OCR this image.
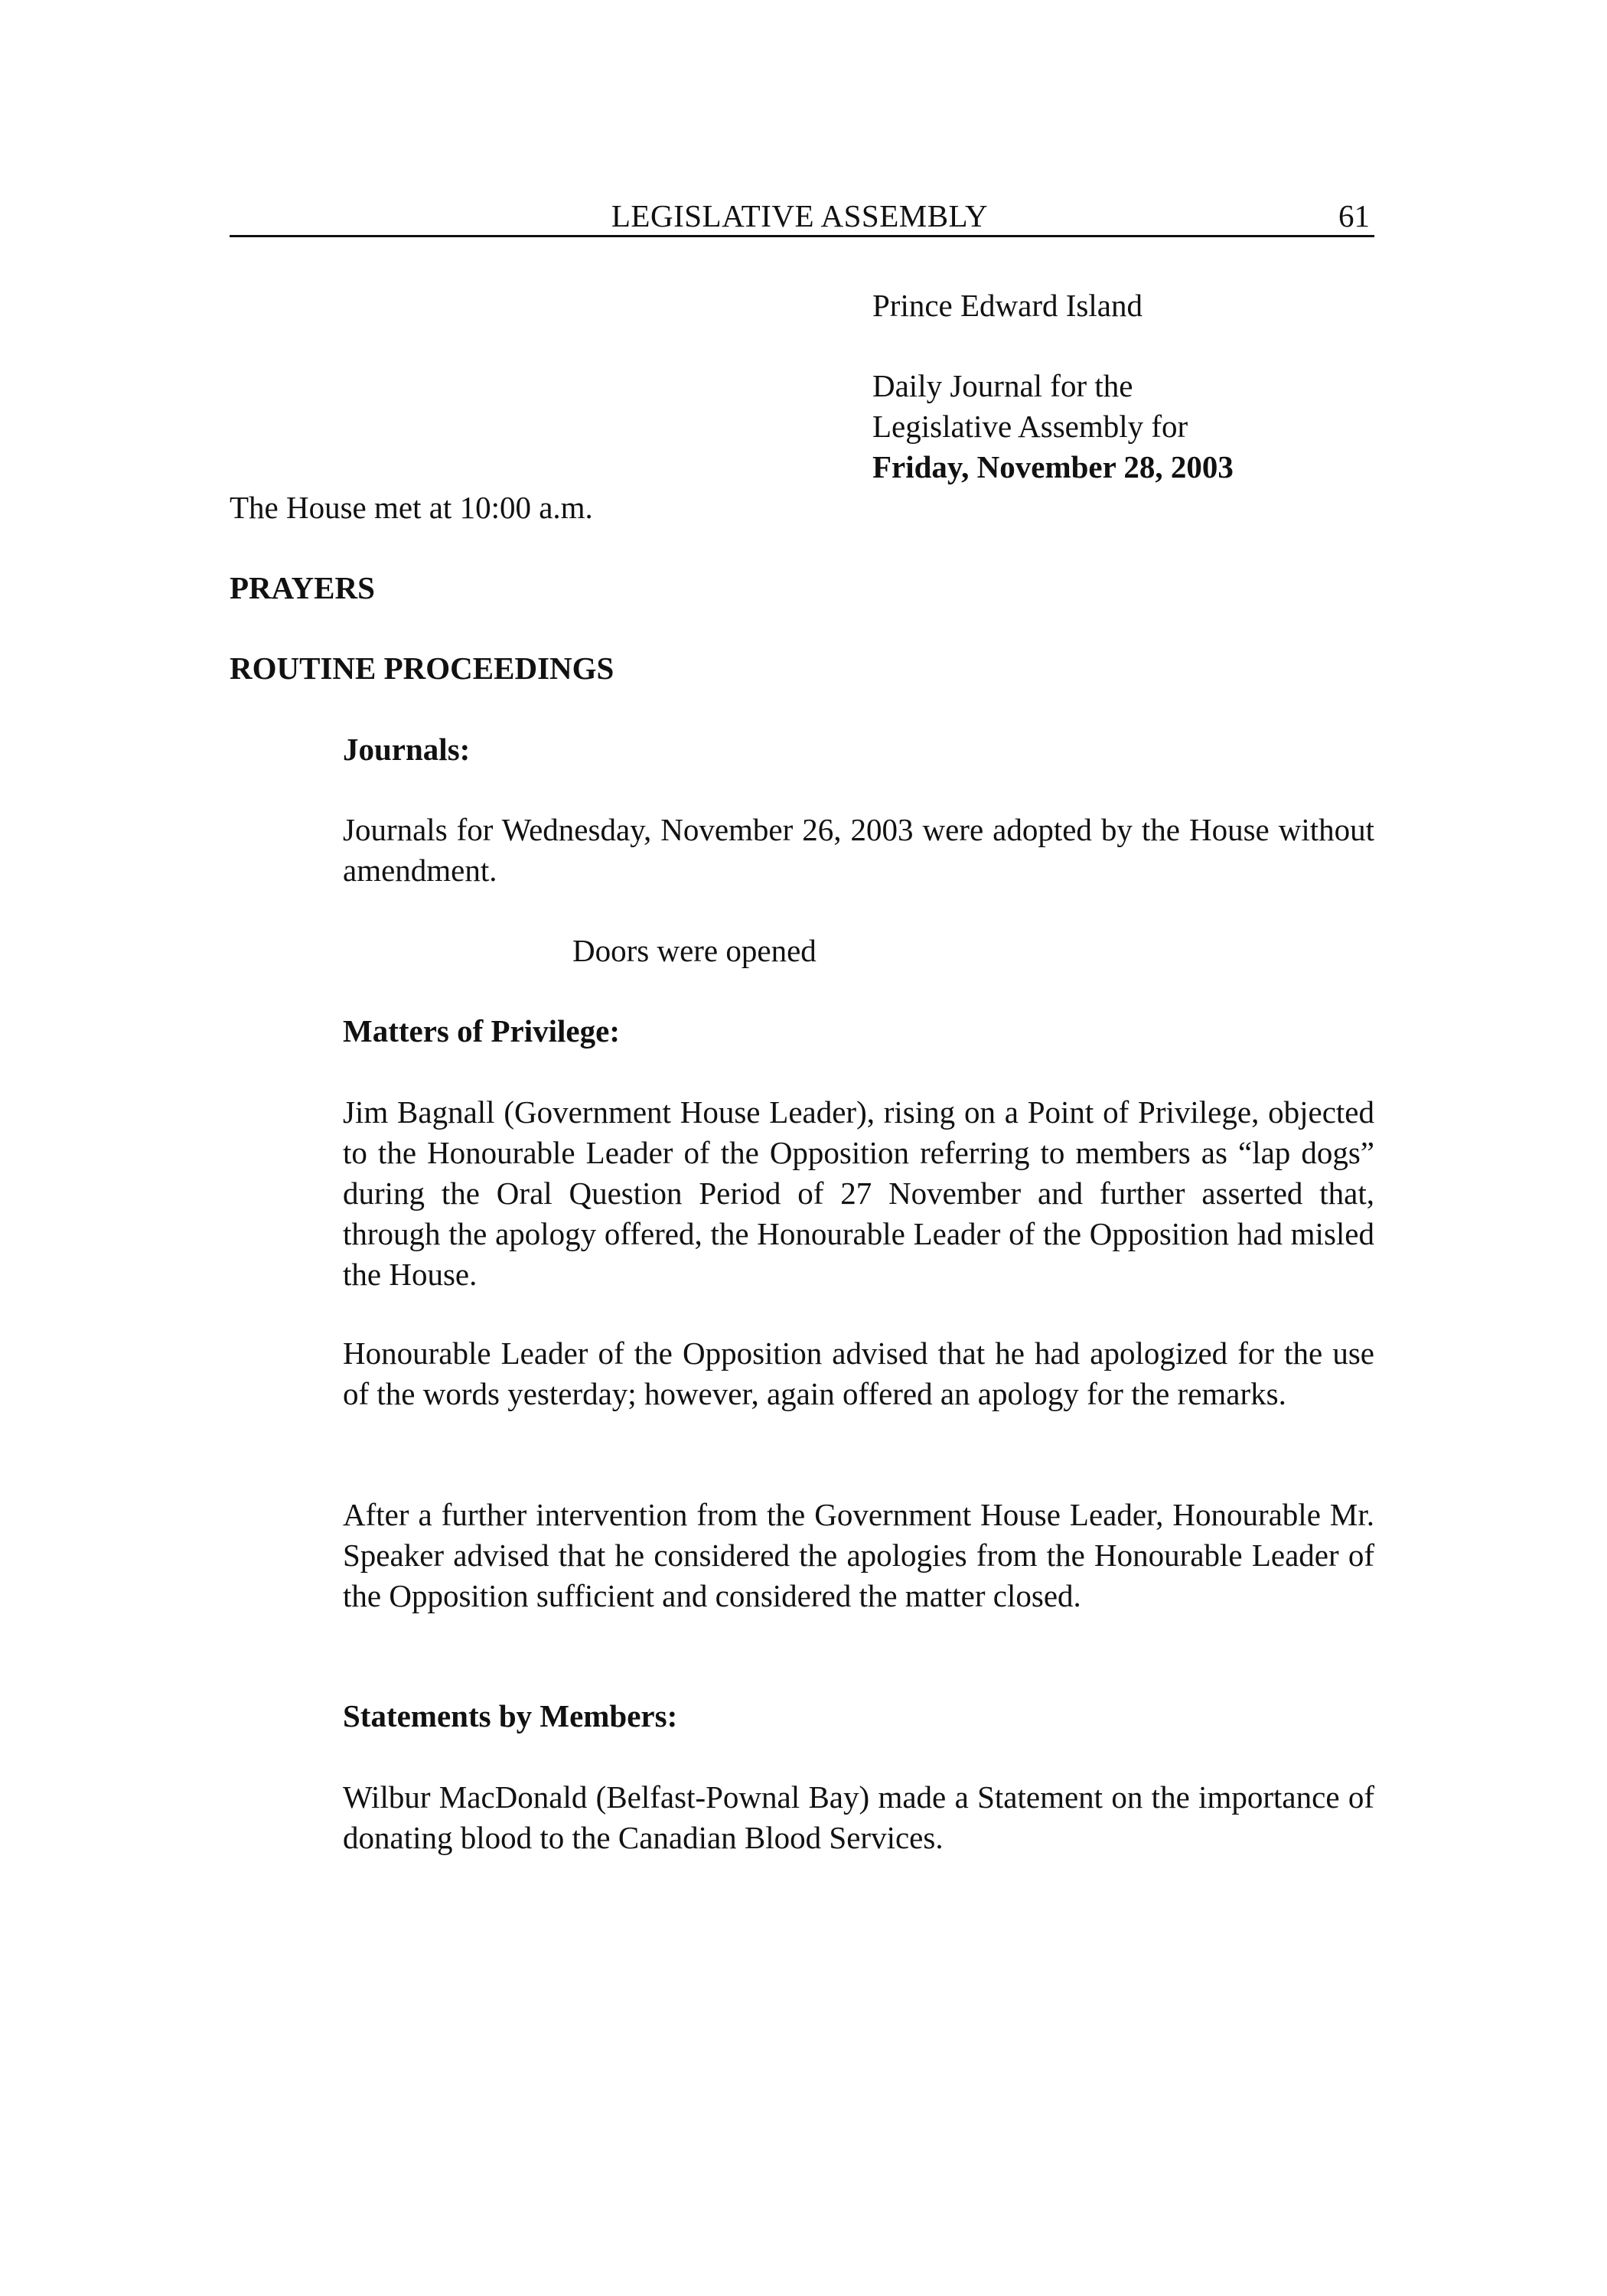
LEGISLATIVE ASSEMBLY	61
Prince Edward Island
Daily Journal for the
Legislative Assembly for
Friday, November 28, 2003
The House met at 10:00 a.m.
PRAYERS
ROUTINE PROCEEDINGS
Journals:
Journals for Wednesday, November 26, 2003 were adopted by the House without amendment.
Doors were opened
Matters of Privilege:
Jim Bagnall (Government House Leader), rising on a Point of Privilege, objected to the Honourable Leader of the Opposition referring to members as “lap dogs” during the Oral Question Period of 27 November and further asserted that, through the apology offered, the Honourable Leader of the Opposition had misled the House.
Honourable Leader of the Opposition advised that he had apologized for the use of the words yesterday; however, again offered an apology for the remarks.
After a further intervention from the Government House Leader, Honourable Mr. Speaker advised that he considered the apologies from the Honourable Leader of the Opposition sufficient and considered the matter closed.
Statements by Members:
Wilbur MacDonald (Belfast-Pownal Bay) made a Statement on the importance of donating blood to the Canadian Blood Services.
